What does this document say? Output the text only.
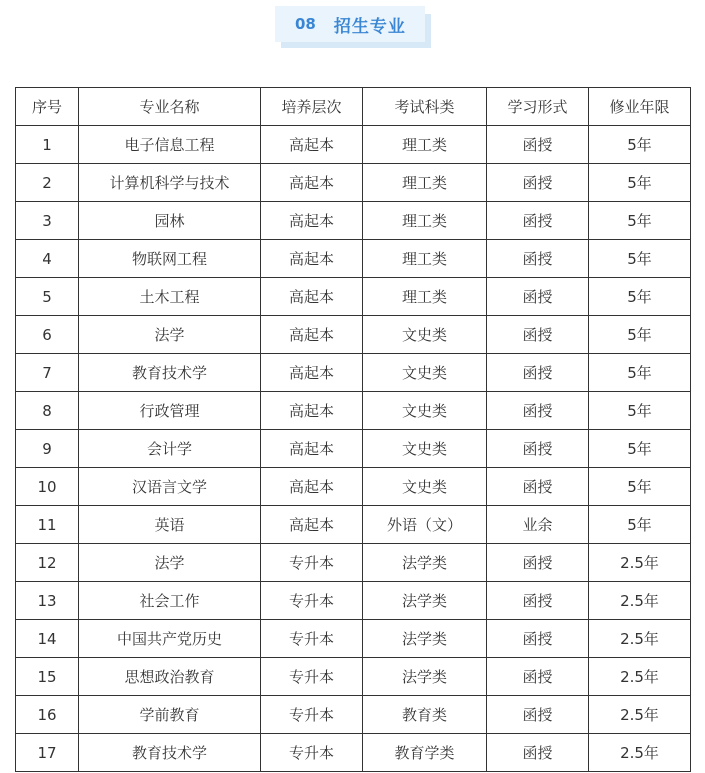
08 招生专业
序号	专业名称	培养层次	考试科类	学习形式	修业年限
1	电子信息工程	高起本	理工类	函授	5年
2	计算机科学与技术	高起本	理工类	函授	5年
3	园林	高起本	理工类	函授	5年
4	物联网工程	高起本	理工类	函授	5年
5	土木工程	高起本	理工类	函授	5年
6	法学	高起本	文史类	函授	5年
7	教育技术学	高起本	文史类	函授	5年
8	行政管理	高起本	文史类	函授	5年
9	会计学	高起本	文史类	函授	5年
10	汉语言文学	高起本	文史类	函授	5年
11	英语	高起本	外语（文）	业余	5年
12	法学	专升本	法学类	函授	2.5年
13	社会工作	专升本	法学类	函授	2.5年
14	中国共产党历史	专升本	法学类	函授	2.5年
15	思想政治教育	专升本	法学类	函授	2.5年
16	学前教育	专升本	教育类	函授	2.5年
17	教育技术学	专升本	教育学类	函授	2.5年
